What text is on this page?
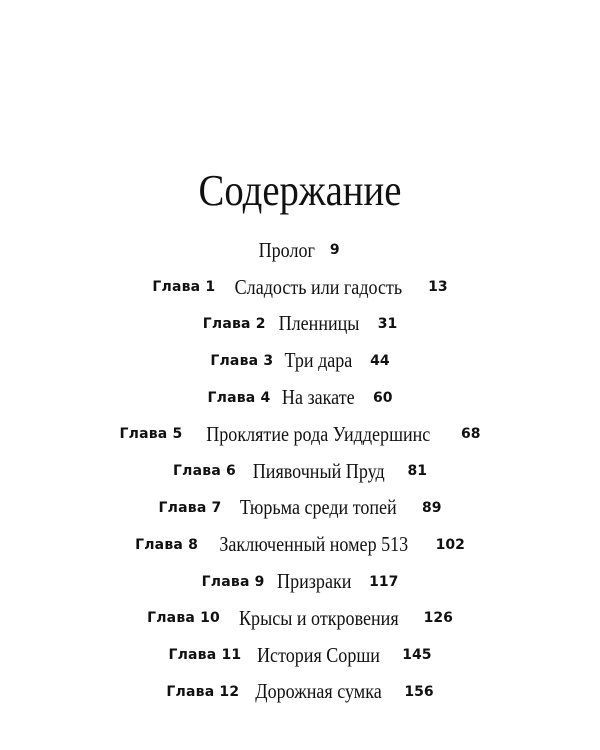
Содержание
Пролог 9
Глава 1 Сладость или гадость 13
Глава 2 Пленницы 31
Глава 3 Три дара 44
Глава 4 На закате 60
Глава 5 Проклятие рода Уиддершинс 68
Глава 6 Пиявочный Пруд 81
Глава 7 Тюрьма среди топей 89
Глава 8 Заключенный номер 513 102
Глава 9 Призраки 117
Глава 10 Крысы и откровения 126
Глава 11 История Сорши 145
Глава 12 Дорожная сумка 156
